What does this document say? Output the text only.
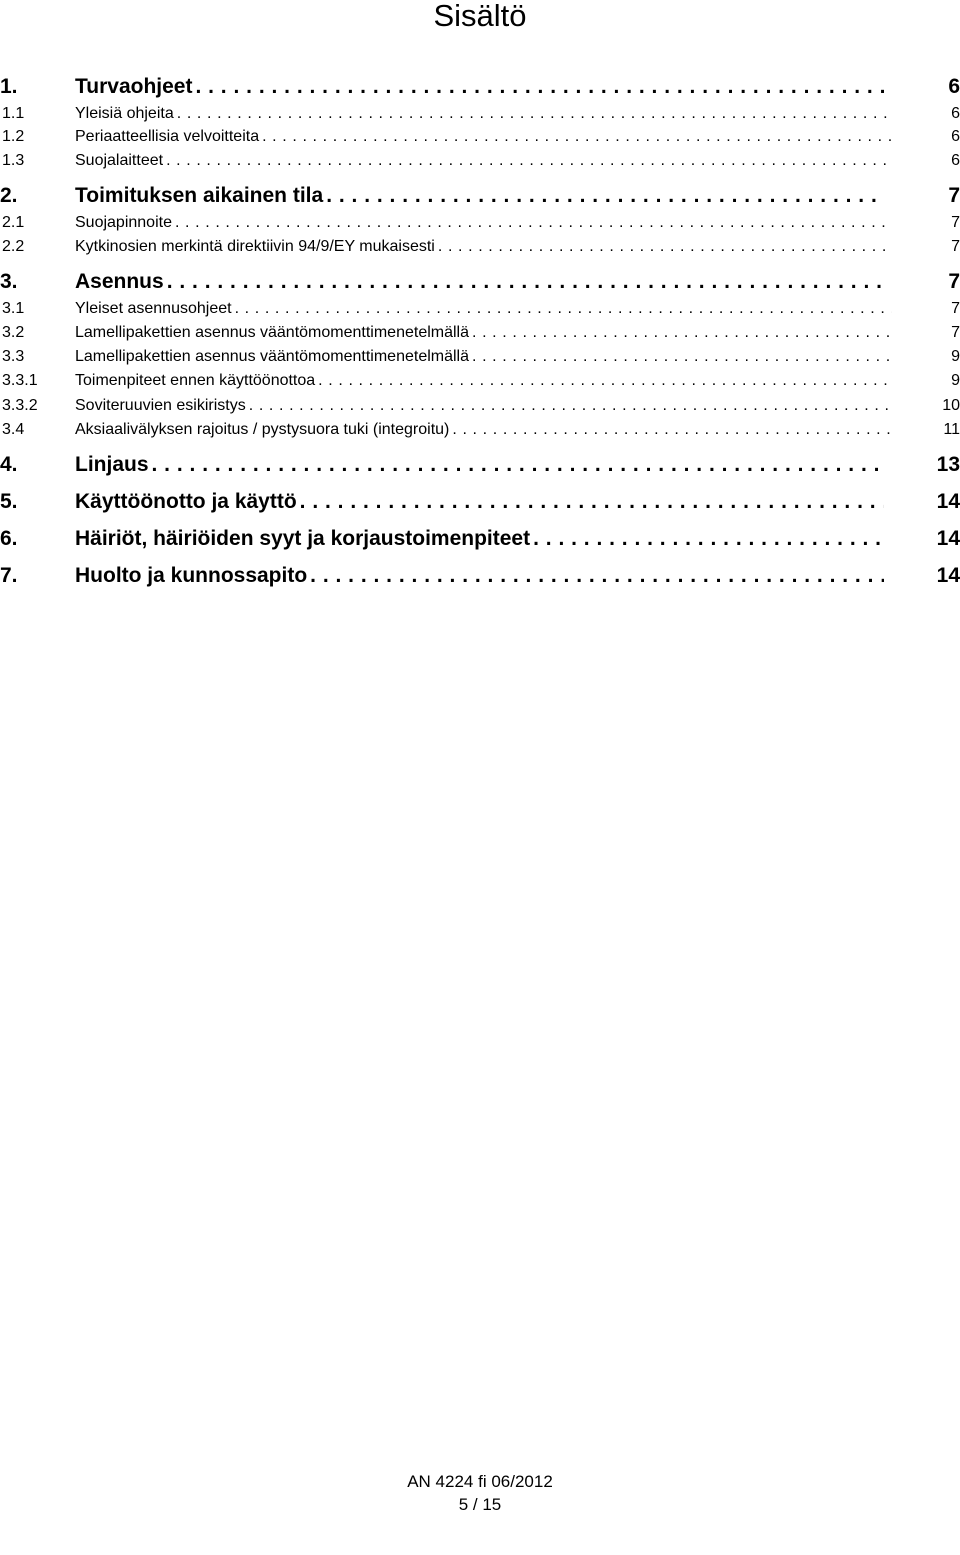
Sisältö
1.	Turvaohjeet . . .	6
1.1	Yleisiä ohjeita . . .	6
1.2	Periaatteellisia velvoitteita . . .	6
1.3	Suojalaitteet . . .	6
2.	Toimituksen aikainen tila . . .	7
2.1	Suojapinnoite . . .	7
2.2	Kytkinosien merkintä direktiivin 94/9/EY mukaisesti . . .	7
3.	Asennus . . .	7
3.1	Yleiset asennusohjeet . . .	7
3.2	Lamellipakettien asennus vääntömomenttimenetelmällä . . .	7
3.3	Lamellipakettien asennus vääntömomenttimenetelmällä . . .	9
3.3.1	Toimenpiteet ennen käyttöönottoa . . .	9
3.3.2	Soviteruuvien esikiristys . . .	10
3.4	Aksiaalivälyksen rajoitus / pystysuora tuki (integroitu) . . .	11
4.	Linjaus . . .	13
5.	Käyttöönotto ja käyttö . . .	14
6.	Häiriöt, häiriöiden syyt ja korjaustoimenpiteet . . .	14
7.	Huolto ja kunnossapito . . .	14
AN 4224 fi 06/2012
5 / 15
